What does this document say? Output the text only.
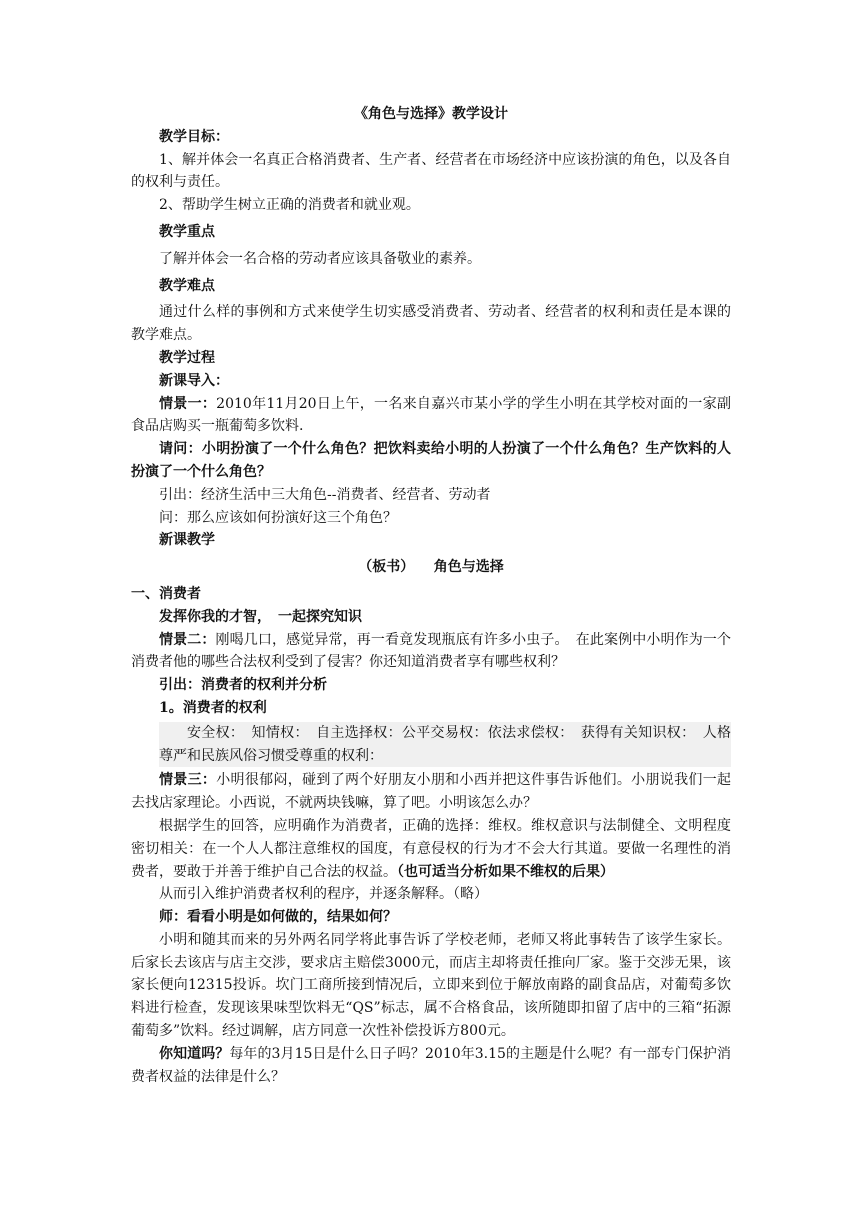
《角色与选择》教学设计

教学目标：

1、解并体会一名真正合格消费者、生产者、经营者在市场经济中应该扮演的角色，以及各自的权利与责任。

2、帮助学生树立正确的消费者和就业观。

教学重点

了解并体会一名合格的劳动者应该具备敬业的素养。

教学难点

通过什么样的事例和方式来使学生切实感受消费者、劳动者、经营者的权利和责任是本课的教学难点。

教学过程

新课导入：

情景一：2010年11月20日上午，一名来自嘉兴市某小学的学生小明在其学校对面的一家副食品店购买一瓶葡萄多饮料.

请问：小明扮演了一个什么角色？把饮料卖给小明的人扮演了一个什么角色？生产饮料的人扮演了一个什么角色？

引出：经济生活中三大角色--消费者、经营者、劳动者

问：那么应该如何扮演好这三个角色？

新课教学

（板书） 角色与选择

一、消费者

发挥你我的才智，　一起探究知识

情景二：刚喝几口，感觉异常，再一看竟发现瓶底有许多小虫子。　在此案例中小明作为一个消费者他的哪些合法权利受到了侵害？你还知道消费者享有哪些权利？

引出：消费者的权利并分析

1。消费者的权利

安全权：　知情权：　自主选择权：公平交易权：依法求偿权：　获得有关知识权：　人格尊严和民族风俗习惯受尊重的权利：

情景三：小明很郁闷，碰到了两个好朋友小朋和小西并把这件事告诉他们。小朋说我们一起去找店家理论。小西说，不就两块钱嘛，算了吧。小明该怎么办？

根据学生的回答，应明确作为消费者，正确的选择：维权。维权意识与法制健全、文明程度密切相关：在一个人人都注意维权的国度，有意侵权的行为才不会大行其道。要做一名理性的消费者，要敢于并善于维护自己合法的权益。（也可适当分析如果不维权的后果）

从而引入维护消费者权利的程序，并逐条解释。（略）

师：看看小明是如何做的，结果如何？

小明和随其而来的另外两名同学将此事告诉了学校老师，老师又将此事转告了该学生家长。后家长去该店与店主交涉，要求店主赔偿3000元，而店主却将责任推向厂家。鉴于交涉无果，该家长便向12315投诉。坎门工商所接到情况后，立即来到位于解放南路的副食品店，对葡萄多饮料进行检查，发现该果味型饮料无“QS”标志，属不合格食品，该所随即扣留了店中的三箱“拓源葡萄多”饮料。经过调解，店方同意一次性补偿投诉方800元。

你知道吗？每年的3月15日是什么日子吗？2010年3.15的主题是什么呢？有一部专门保护消费者权益的法律是什么？
